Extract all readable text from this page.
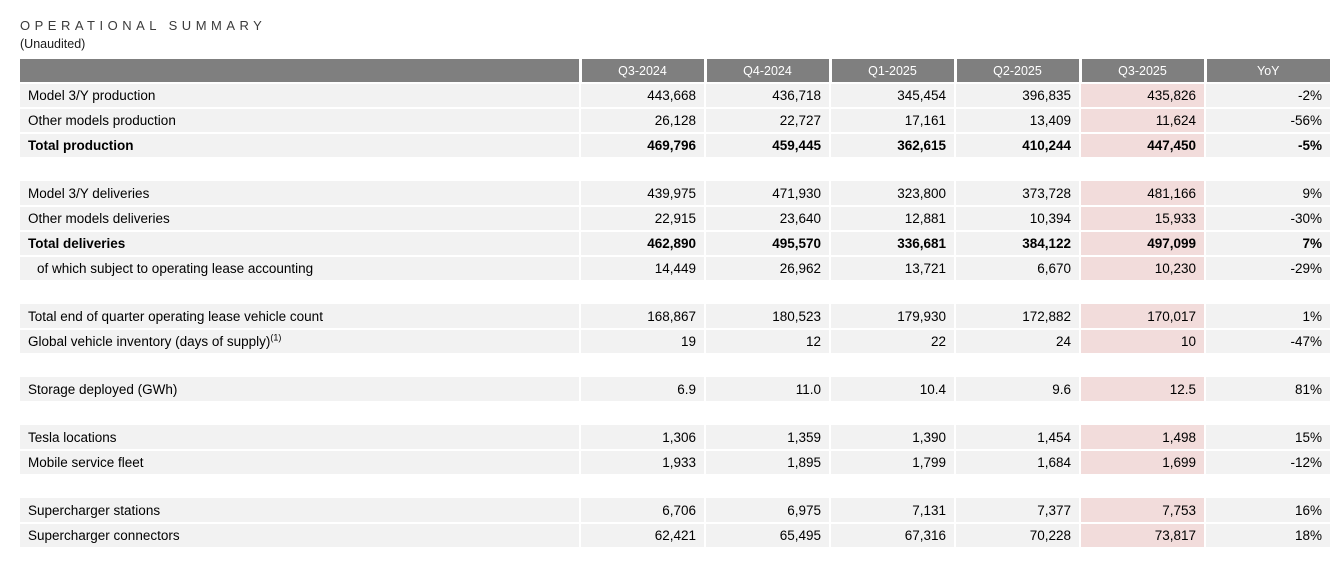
OPERATIONAL SUMMARY
(Unaudited)
	Q3-2024	Q4-2024	Q1-2025	Q2-2025	Q3-2025	YoY
Model 3/Y production	443,668	436,718	345,454	396,835	435,826	-2%
Other models production	26,128	22,727	17,161	13,409	11,624	-56%
Total production	469,796	459,445	362,615	410,244	447,450	-5%

Model 3/Y deliveries	439,975	471,930	323,800	373,728	481,166	9%
Other models deliveries	22,915	23,640	12,881	10,394	15,933	-30%
Total deliveries	462,890	495,570	336,681	384,122	497,099	7%
of which subject to operating lease accounting	14,449	26,962	13,721	6,670	10,230	-29%

Total end of quarter operating lease vehicle count	168,867	180,523	179,930	172,882	170,017	1%
Global vehicle inventory (days of supply)$^{(1)}$	19	12	22	24	10	-47%

Storage deployed (GWh)	6.9	11.0	10.4	9.6	12.5	81%

Tesla locations	1,306	1,359	1,390	1,454	1,498	15%
Mobile service fleet	1,933	1,895	1,799	1,684	1,699	-12%

Supercharger stations	6,706	6,975	7,131	7,377	7,753	16%
Supercharger connectors	62,421	65,495	67,316	70,228	73,817	18%
